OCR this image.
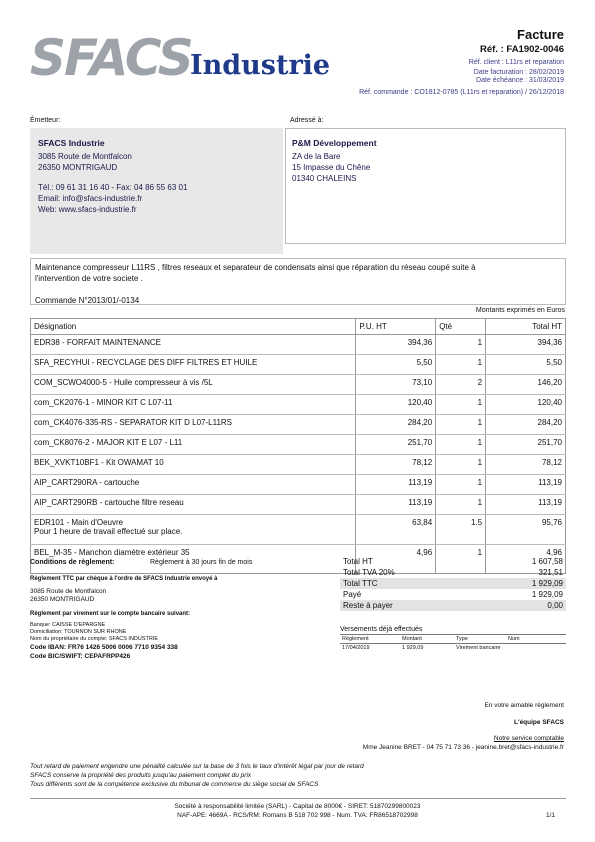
SFACS
Industrie
Facture
Réf. : FA1902-0046
Réf. client : L11rs et reparation
Date facturation : 28/02/2019
Date échéance : 31/03/2019
Réf. commande : CO1812-0785 (L11rs et reparation) / 26/12/2018
Émetteur:
SFACS Industrie
3085 Route de Montfalcon
26350 MONTRIGAUD
Tél.: 09 61 31 16 40 - Fax: 04 86 55 63 01
Email: info@sfacs-industrie.fr
Web: www.sfacs-industrie.fr
Adressé à:
P&M Développement
ZA de la Bare
15 Impasse du Chêne
01340 CHALEINS
Maintenance compresseur L11RS , filtres reseaux et separateur de condensats ainsi que réparation du réseau coupé suite à
l'intervention de votre societe .
Commande N°2013/01/-0134
Montants exprimés en Euros
Désignation	P.U. HT	Qté	Total HT

EDR38 - FORFAIT MAINTENANCE	394,36	1	394,36

SFA_RECYHUI - RECYCLAGE DES DIFF FILTRES ET HUILE	5,50	1	5,50

COM_SCWO4000-5 - Huile compresseur à vis /5L	73,10	2	146,20

com_CK2076-1 - MINOR KIT C L07-11	120,40	1	120,40

com_CK4076-335-RS - SEPARATOR KIT D L07-L11RS	284,20	1	284,20

com_CK8076-2 - MAJOR KIT E L07 - L11	251,70	1	251,70

BEK_XVKT10BF1 - Kit OWAMAT 10	78,12	1	78,12

AIP_CART290RA - cartouche	113,19	1	113,19

AIP_CART290RB - cartouche filtre reseau	113,19	1	113,19

EDR101 - Main d'Oeuvre
Pour 1 heure de travail effectué sur place.	63,84	1.5	95,76

BEL_M-35 - Manchon diamètre extérieur 35	4,96	1	4,96
Conditions de règlement:	Règlement à 30 jours fin de mois
Règlement TTC par chèque à l'ordre de SFACS Industrie envoyé à
3085 Route de Montfalcon
26350 MONTRIGAUD
Règlement par virement sur le compte bancaire suivant:
Banque: CAISSE D'EPARGNE
Domiciliation: TOURNON SUR RHONE
Nom du propriétaire du compte: SFACS INDUSTRIE
Code IBAN: FR76 1426 5006 0006 7710 9354 338
Code BIC/SWIFT: CEPAFRPP426
Total HT	1 607,58
Total TVA 20%	321,51
Total TTC	1 929,09
Payé	1 929,09
Reste à payer	0,00
Versements déjà effectués
Règlement	Montant	Type	Num
17/04/2019	1 929,09	Virement bancaire	
En votre aimable règlement
L'équipe SFACS
Notre service comptable
Mme Jeanine BRET - 04 75 71 73 36 - jeanine.bret@sfacs-industrie.fr
Tout retard de paiement engendre une pénalité calculée sur la base de 3 fois le taux d'intérêt légal par jour de retard
SFACS conserve la propriété des produits jusqu'au paiement complet du prix
Tous différents sont de la compétence exclusive du tribunal de commerce du siège social de SFACS
Société à responsabilité limitée (SARL) - Capital de 8000€ - SIRET: 51870299800023
NAF-APE: 4669A - RCS/RM: Romans B 518 702 998 - Num. TVA: FR86518702998	1/1
